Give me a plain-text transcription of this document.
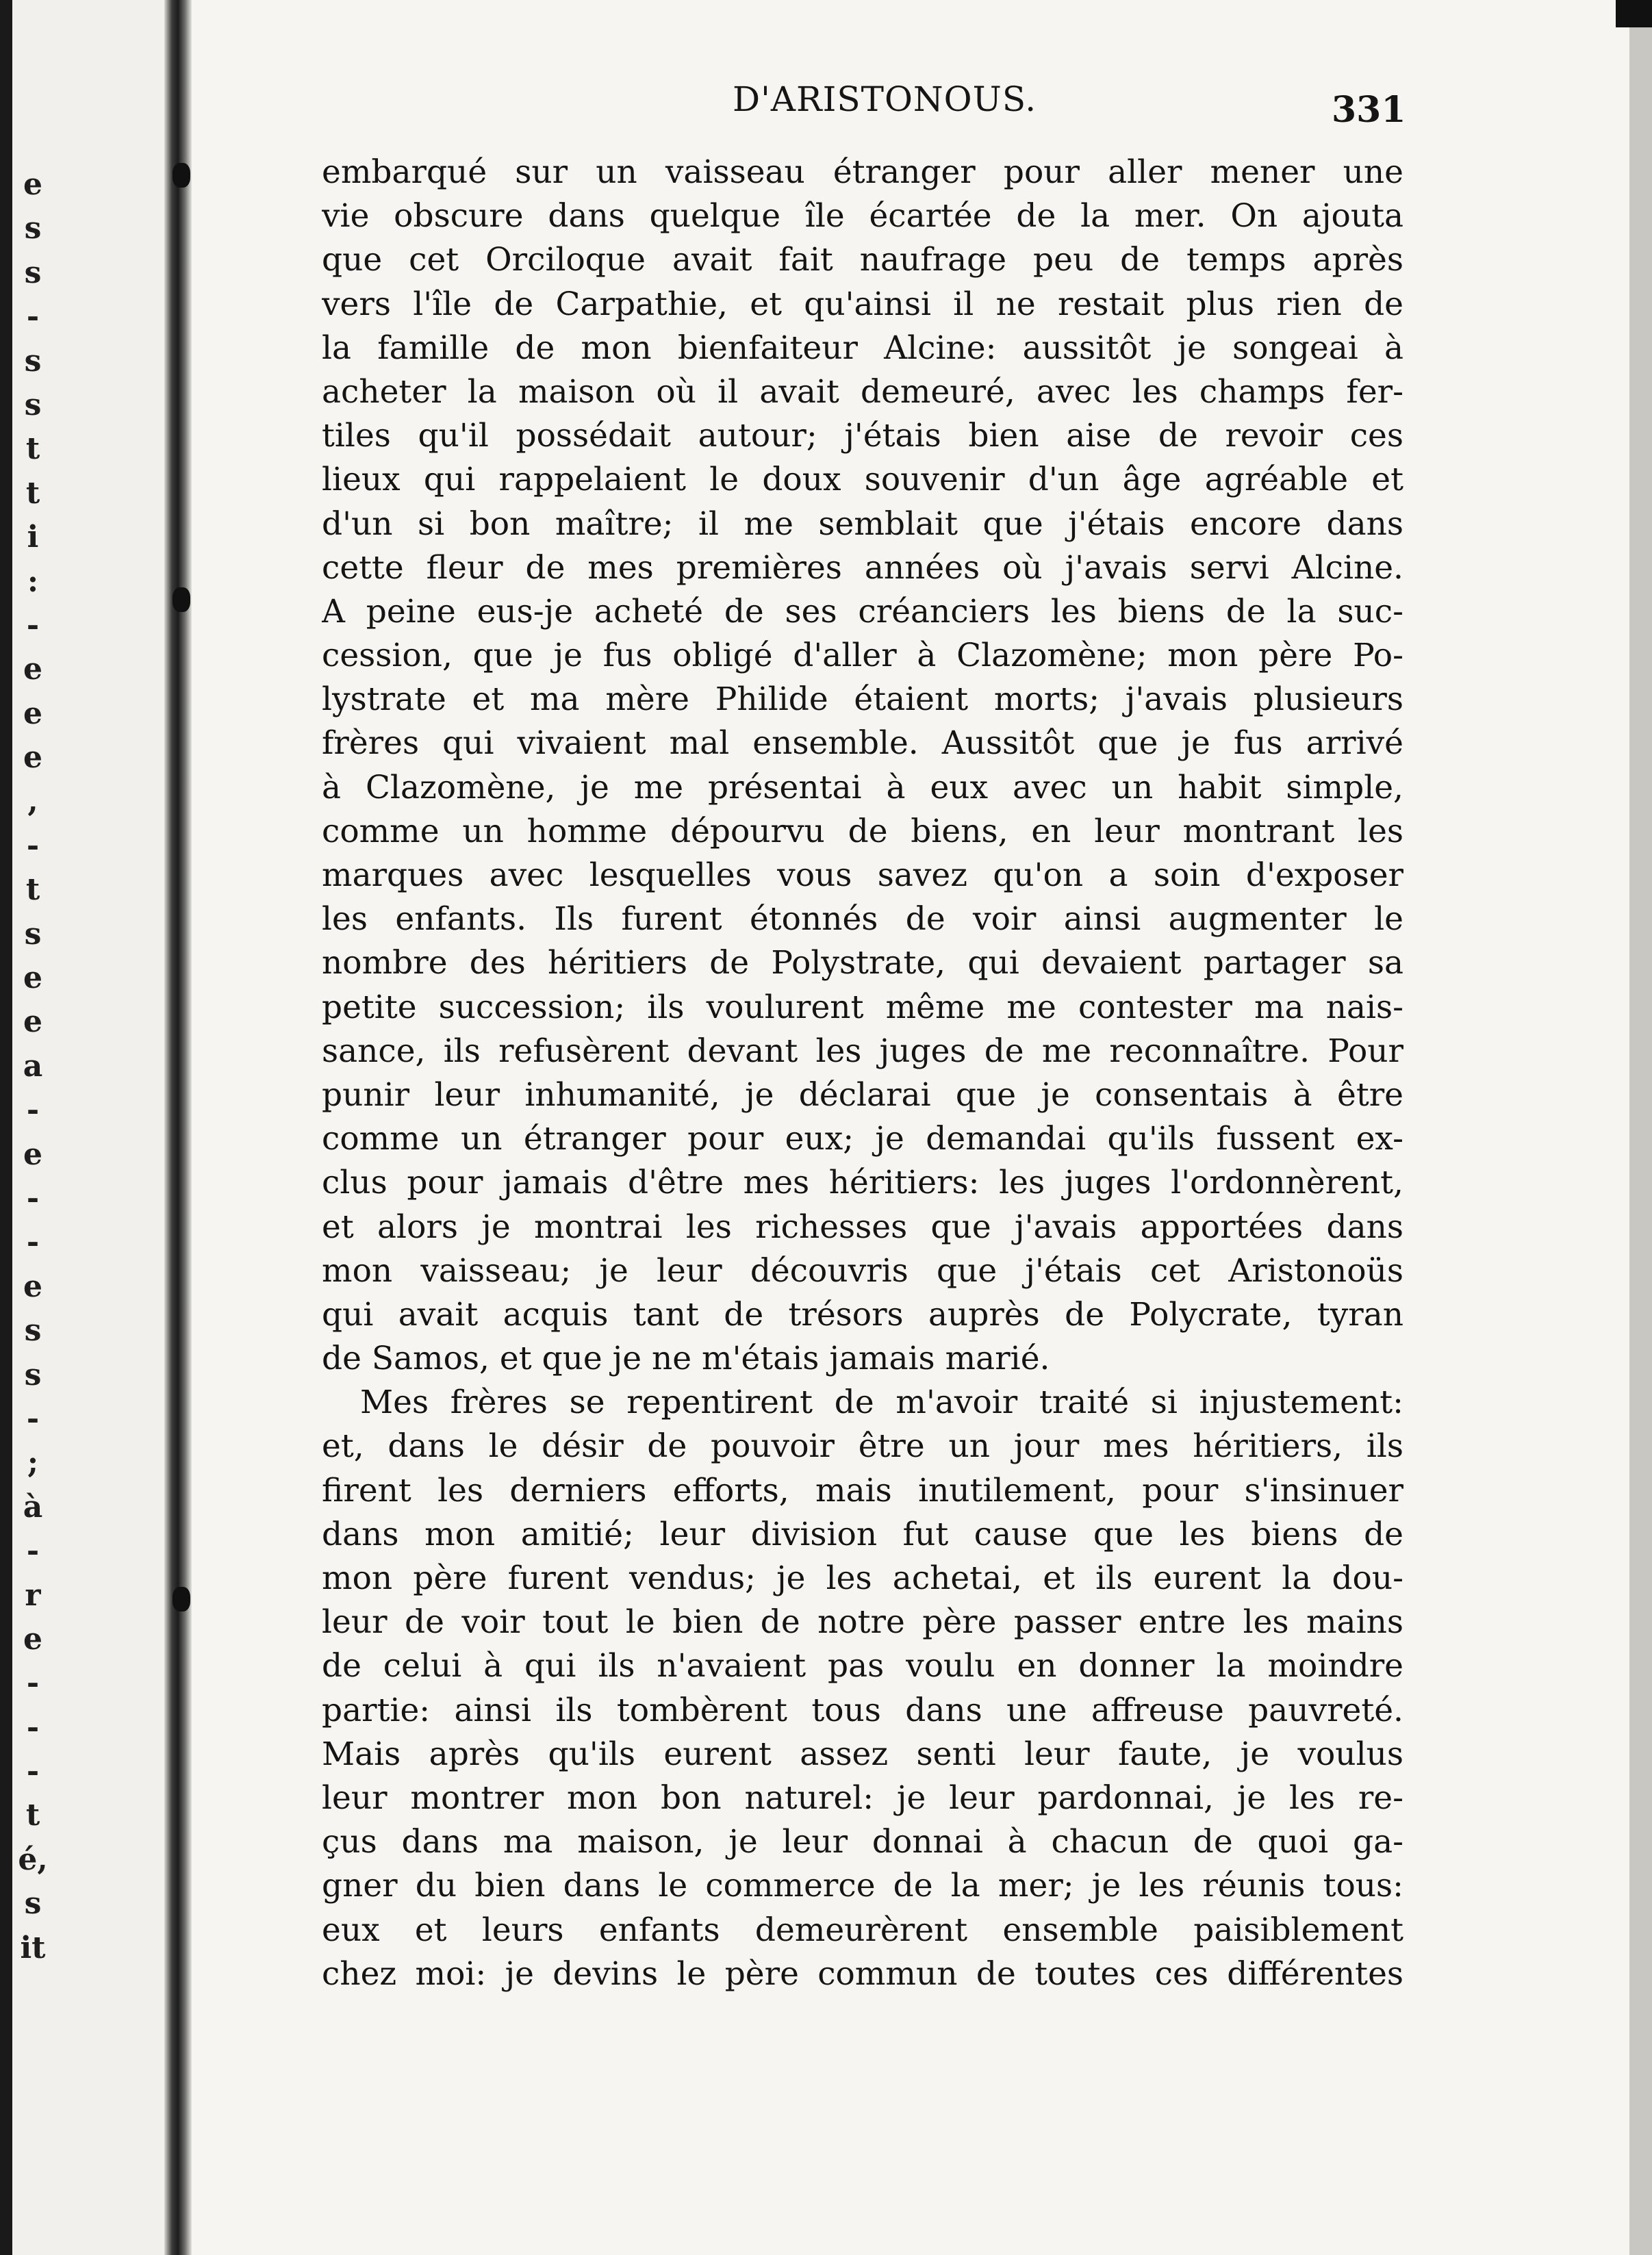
e
s
s
-
s
s
t
t
i
:
-
e
e
e
,
-
t
s
e
e
a
-
e
-
-
e
s
s
-
;
à
-
r
e
-
-
-
t
é,
s
it
D'ARISTONOUS.	331
embarqué sur un vaisseau étranger pour aller mener une
vie obscure dans quelque île écartée de la mer. On ajouta
que cet Orciloque avait fait naufrage peu de temps après
vers l'île de Carpathie, et qu'ainsi il ne restait plus rien de
la famille de mon bienfaiteur Alcine: aussitôt je songeai à
acheter la maison où il avait demeuré, avec les champs fer-
tiles qu'il possédait autour; j'étais bien aise de revoir ces
lieux qui rappelaient le doux souvenir d'un âge agréable et
d'un si bon maître; il me semblait que j'étais encore dans
cette fleur de mes premières années où j'avais servi Alcine.
A peine eus-je acheté de ses créanciers les biens de la suc-
cession, que je fus obligé d'aller à Clazomène; mon père Po-
lystrate et ma mère Philide étaient morts; j'avais plusieurs
frères qui vivaient mal ensemble. Aussitôt que je fus arrivé
à Clazomène, je me présentai à eux avec un habit simple,
comme un homme dépourvu de biens, en leur montrant les
marques avec lesquelles vous savez qu'on a soin d'exposer
les enfants. Ils furent étonnés de voir ainsi augmenter le
nombre des héritiers de Polystrate, qui devaient partager sa
petite succession; ils voulurent même me contester ma nais-
sance, ils refusèrent devant les juges de me reconnaître. Pour
punir leur inhumanité, je déclarai que je consentais à être
comme un étranger pour eux; je demandai qu'ils fussent ex-
clus pour jamais d'être mes héritiers: les juges l'ordonnèrent,
et alors je montrai les richesses que j'avais apportées dans
mon vaisseau; je leur découvris que j'étais cet Aristonoüs
qui avait acquis tant de trésors auprès de Polycrate, tyran
de Samos, et que je ne m'étais jamais marié.
Mes frères se repentirent de m'avoir traité si injustement:
et, dans le désir de pouvoir être un jour mes héritiers, ils
firent les derniers efforts, mais inutilement, pour s'insinuer
dans mon amitié; leur division fut cause que les biens de
mon père furent vendus; je les achetai, et ils eurent la dou-
leur de voir tout le bien de notre père passer entre les mains
de celui à qui ils n'avaient pas voulu en donner la moindre
partie: ainsi ils tombèrent tous dans une affreuse pauvreté.
Mais après qu'ils eurent assez senti leur faute, je voulus
leur montrer mon bon naturel: je leur pardonnai, je les re-
çus dans ma maison, je leur donnai à chacun de quoi ga-
gner du bien dans le commerce de la mer; je les réunis tous:
eux et leurs enfants demeurèrent ensemble paisiblement
chez moi: je devins le père commun de toutes ces différentes
